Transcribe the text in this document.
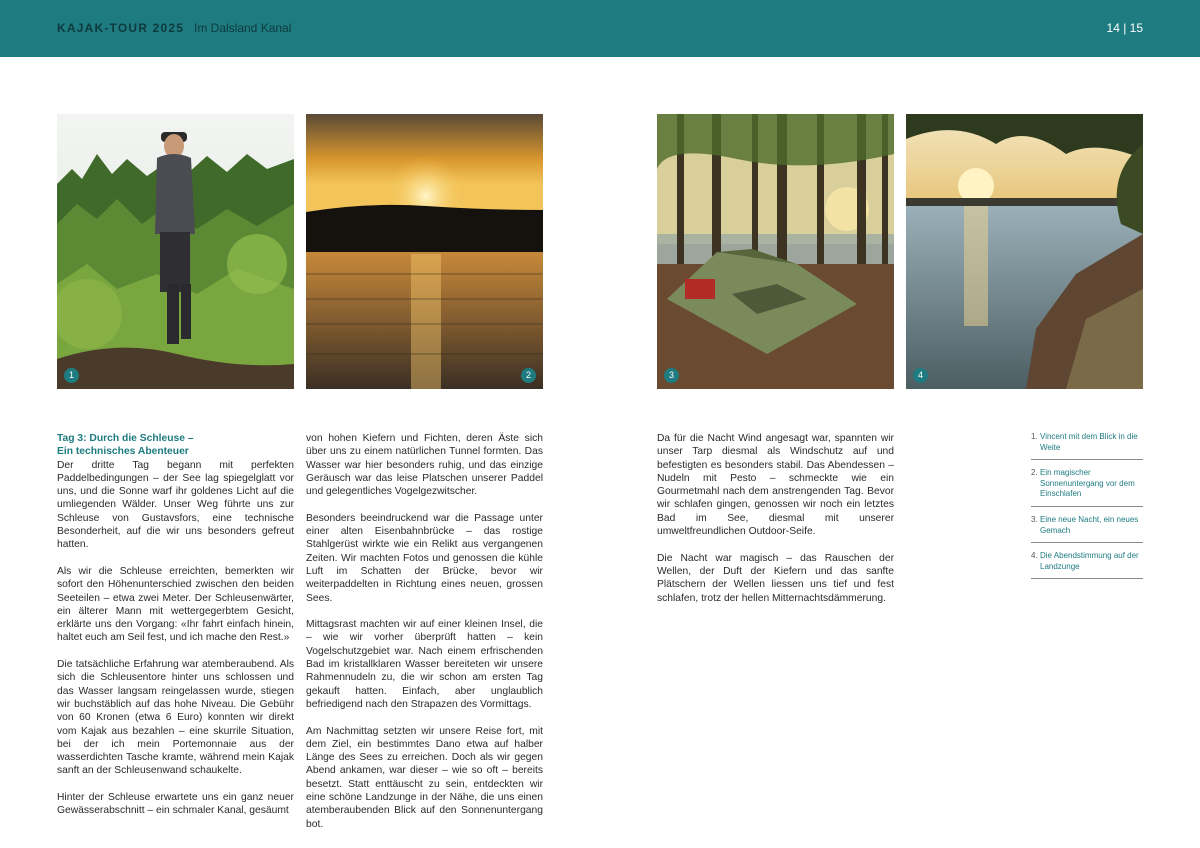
KAJAK-TOUR 2025 Im Dalsland Kanal	14 | 15
1	2	3	4
Tag 3: Durch die Schleuse –
Ein technisches Abenteuer

Der dritte Tag begann mit perfekten Paddelbedingungen – der See lag spiegelglatt vor uns, und die Sonne warf ihr goldenes Licht auf die umliegenden Wälder. Unser Weg führte uns zur Schleuse von Gustavsfors, eine technische Besonderheit, auf die wir uns besonders gefreut hatten.

Als wir die Schleuse erreichten, bemerkten wir sofort den Höhenunterschied zwischen den beiden Seeteilen – etwa zwei Meter. Der Schleusenwärter, ein älterer Mann mit wettergegerbtem Gesicht, erklärte uns den Vorgang: «Ihr fahrt einfach hinein, haltet euch am Seil fest, und ich mache den Rest.»

Die tatsächliche Erfahrung war atemberaubend. Als sich die Schleusentore hinter uns schlossen und das Wasser langsam reingelassen wurde, stiegen wir buchstäblich auf das hohe Niveau. Die Gebühr von 60 Kronen (etwa 6 Euro) konnten wir direkt vom Kajak aus bezahlen – eine skurrile Situation, bei der ich mein Portemonnaie aus der wasserdichten Tasche kramte, während mein Kajak sanft an der Schleusenwand schaukelte.

Hinter der Schleuse erwartete uns ein ganz neuer Gewässerabschnitt – ein schmaler Kanal, gesäumt

von hohen Kiefern und Fichten, deren Äste sich über uns zu einem natürlichen Tunnel formten. Das Wasser war hier besonders ruhig, und das einzige Geräusch war das leise Platschen unserer Paddel und gelegentliches Vogelgezwitscher.

Besonders beeindruckend war die Passage unter einer alten Eisenbahnbrücke – das rostige Stahlgerüst wirkte wie ein Relikt aus vergangenen Zeiten. Wir machten Fotos und genossen die kühle Luft im Schatten der Brücke, bevor wir weiterpaddelten in Richtung eines neuen, grossen Sees.

Mittagsrast machten wir auf einer kleinen Insel, die – wie wir vorher überprüft hatten – kein Vogelschutzgebiet war. Nach einem erfrischenden Bad im kristallklaren Wasser bereiteten wir unsere Rahmennudeln zu, die wir schon am ersten Tag gekauft hatten. Einfach, aber unglaublich befriedigend nach den Strapazen des Vormittags.

Am Nachmittag setzten wir unsere Reise fort, mit dem Ziel, ein bestimmtes Dano etwa auf halber Länge des Sees zu erreichen. Doch als wir gegen Abend ankamen, war dieser – wie so oft – bereits besetzt. Statt enttäuscht zu sein, entdeckten wir eine schöne Landzunge in der Nähe, die uns einen atemberaubenden Blick auf den Sonnenuntergang bot.

Da für die Nacht Wind angesagt war, spannten wir unser Tarp diesmal als Windschutz auf und befestigten es besonders stabil. Das Abendessen – Nudeln mit Pesto – schmeckte wie ein Gourmetmahl nach dem anstrengenden Tag. Bevor wir schlafen gingen, genossen wir noch ein letztes Bad im See, diesmal mit unserer umweltfreundlichen Outdoor-Seife.

Die Nacht war magisch – das Rauschen der Wellen, der Duft der Kiefern und das sanfte Plätschern der Wellen liessen uns tief und fest schlafen, trotz der hellen Mitternachtsdämmerung.

1. Vincent mit dem Blick in die Weite
2. Ein magischer Sonnenuntergang vor dem Einschlafen
3. Eine neue Nacht, ein neues Gemach
4. Die Abendstimmung auf der Landzunge
